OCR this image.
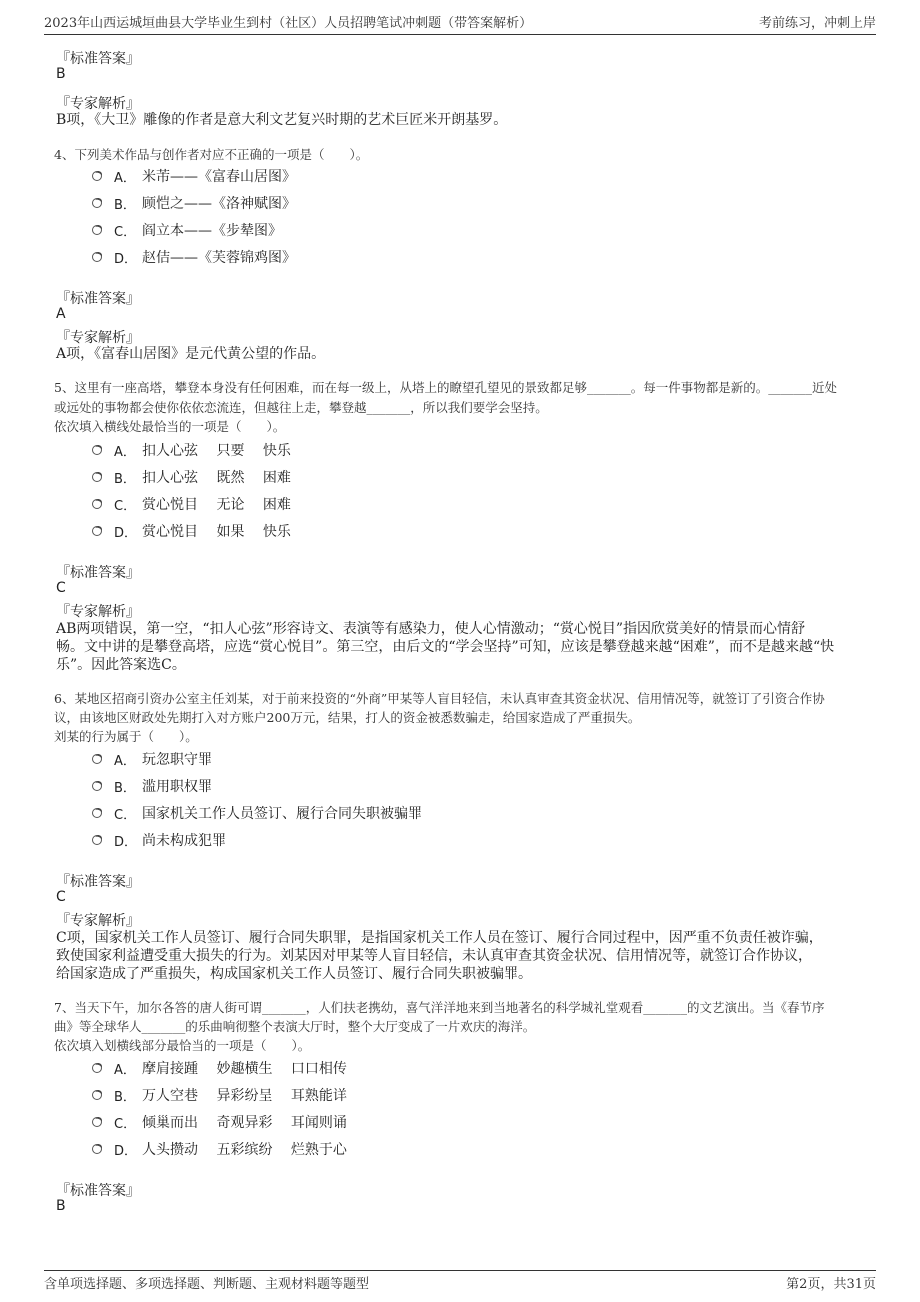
2023年山西运城垣曲县大学毕业生到村（社区）人员招聘笔试冲刺题（带答案解析）	考前练习，冲刺上岸
『标准答案』
B
『专家解析』
B项，《大卫》雕像的作者是意大利文艺复兴时期的艺术巨匠米开朗基罗。
4、下列美术作品与创作者对应不正确的一项是（　　）。
A． 米芾——《富春山居图》
B． 顾恺之——《洛神赋图》
C． 阎立本——《步辇图》
D． 赵佶——《芙蓉锦鸡图》
『标准答案』
A
『专家解析』
A项，《富春山居图》是元代黄公望的作品。
5、这里有一座高塔，攀登本身没有任何困难，而在每一级上，从塔上的瞭望孔望见的景致都足够_______。每一件事物都是新的。_______近处
或远处的事物都会使你依依恋流连，但越往上走，攀登越_______，所以我们要学会坚持。
依次填入横线处最恰当的一项是（　　）。
A． 扣人心弦　 只要　 快乐
B． 扣人心弦　 既然　 困难
C． 赏心悦目　 无论　 困难
D． 赏心悦目　 如果　 快乐
『标准答案』
C
『专家解析』
AB两项错误，第一空，“扣人心弦”形容诗文、表演等有感染力，使人心情激动；“赏心悦目”指因欣赏美好的情景而心情舒
畅。文中讲的是攀登高塔，应选“赏心悦目”。第三空，由后文的“学会坚持”可知，应该是攀登越来越“困难”，而不是越来越“快
乐”。因此答案选C。
6、某地区招商引资办公室主任刘某，对于前来投资的“外商”甲某等人盲目轻信，未认真审查其资金状况、信用情况等，就签订了引资合作协
议，由该地区财政处先期打入对方账户200万元，结果，打人的资金被悉数骗走，给国家造成了严重损失。
刘某的行为属于（　　）。
A． 玩忽职守罪
B． 滥用职权罪
C． 国家机关工作人员签订、履行合同失职被骗罪
D． 尚未构成犯罪
『标准答案』
C
『专家解析』
C项，国家机关工作人员签订、履行合同失职罪，是指国家机关工作人员在签订、履行合同过程中，因严重不负责任被诈骗，
致使国家利益遭受重大损失的行为。刘某因对甲某等人盲目轻信，未认真审查其资金状况、信用情况等，就签订合作协议，
给国家造成了严重损失，构成国家机关工作人员签订、履行合同失职被骗罪。
7、当天下午，加尔各答的唐人街可谓_______，人们扶老携幼，喜气洋洋地来到当地著名的科学城礼堂观看_______的文艺演出。当《春节序
曲》等全球华人_______的乐曲响彻整个表演大厅时，整个大厅变成了一片欢庆的海洋。
依次填入划横线部分最恰当的一项是（　　）。
A． 摩肩接踵　 妙趣横生　 口口相传
B． 万人空巷　 异彩纷呈　 耳熟能详
C． 倾巢而出　 奇观异彩　 耳闻则诵
D． 人头攒动　 五彩缤纷　 烂熟于心
『标准答案』
B
含单项选择题、多项选择题、判断题、主观材料题等题型	第2页，共31页
